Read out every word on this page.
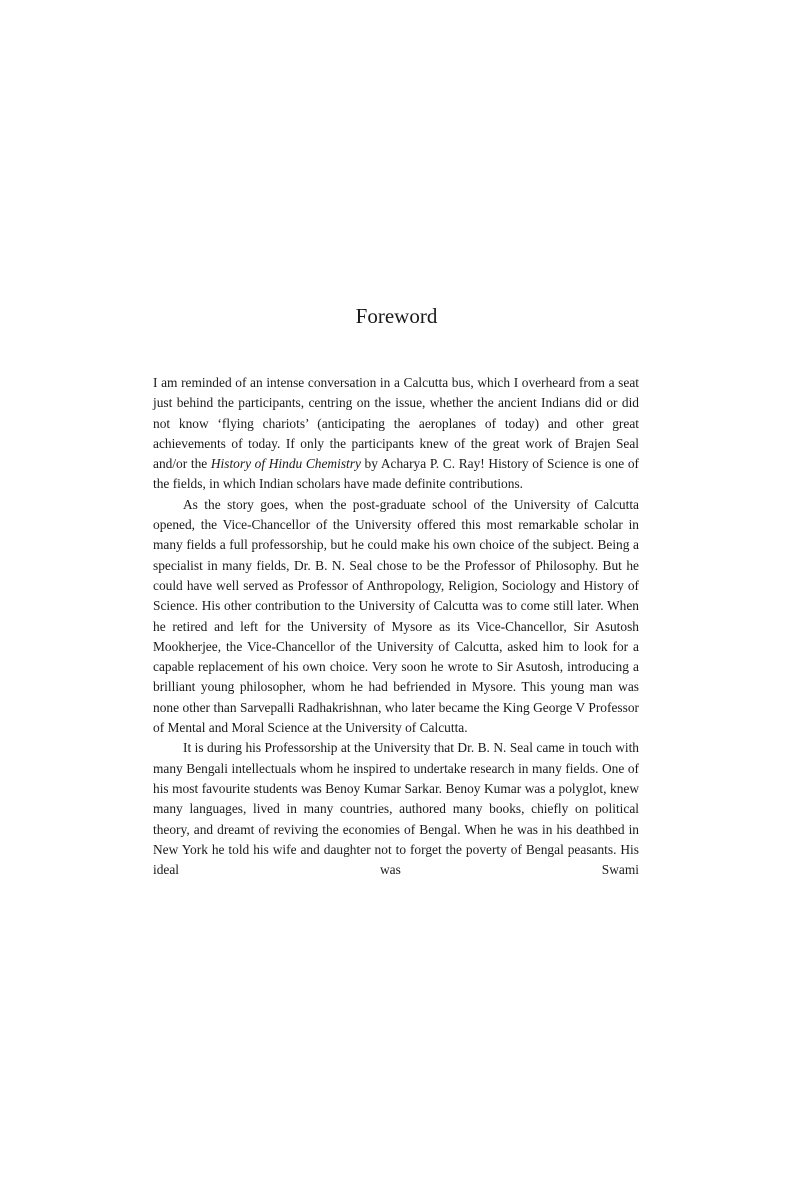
Foreword

I am reminded of an intense conversation in a Calcutta bus, which I overheard from a seat just behind the participants, centring on the issue, whether the ancient Indians did or did not know ‘flying chariots’ (anticipating the aeroplanes of today) and other great achievements of today. If only the participants knew of the great work of Brajen Seal and/or the History of Hindu Chemistry by Acharya P. C. Ray! History of Science is one of the fields, in which Indian scholars have made definite contributions.

As the story goes, when the post-graduate school of the University of Calcutta opened, the Vice-Chancellor of the University offered this most remarkable scholar in many fields a full professorship, but he could make his own choice of the subject. Being a specialist in many fields, Dr. B. N. Seal chose to be the Professor of Philosophy. But he could have well served as Professor of Anthropology, Religion, Sociology and History of Science. His other contribution to the University of Calcutta was to come still later. When he retired and left for the University of Mysore as its Vice-Chancellor, Sir Asutosh Mookherjee, the Vice-Chancellor of the University of Calcutta, asked him to look for a capable replacement of his own choice. Very soon he wrote to Sir Asutosh, introducing a brilliant young philosopher, whom he had befriended in Mysore. This young man was none other than Sarvepalli Radhakrishnan, who later became the King George V Professor of Mental and Moral Science at the University of Calcutta.

It is during his Professorship at the University that Dr. B. N. Seal came in touch with many Bengali intellectuals whom he inspired to undertake research in many fields. One of his most favourite students was Benoy Kumar Sarkar. Benoy Kumar was a polyglot, knew many languages, lived in many countries, authored many books, chiefly on political theory, and dreamt of reviving the economies of Bengal. When he was in his deathbed in New York he told his wife and daughter not to forget the poverty of Bengal peasants. His ideal was Swami
